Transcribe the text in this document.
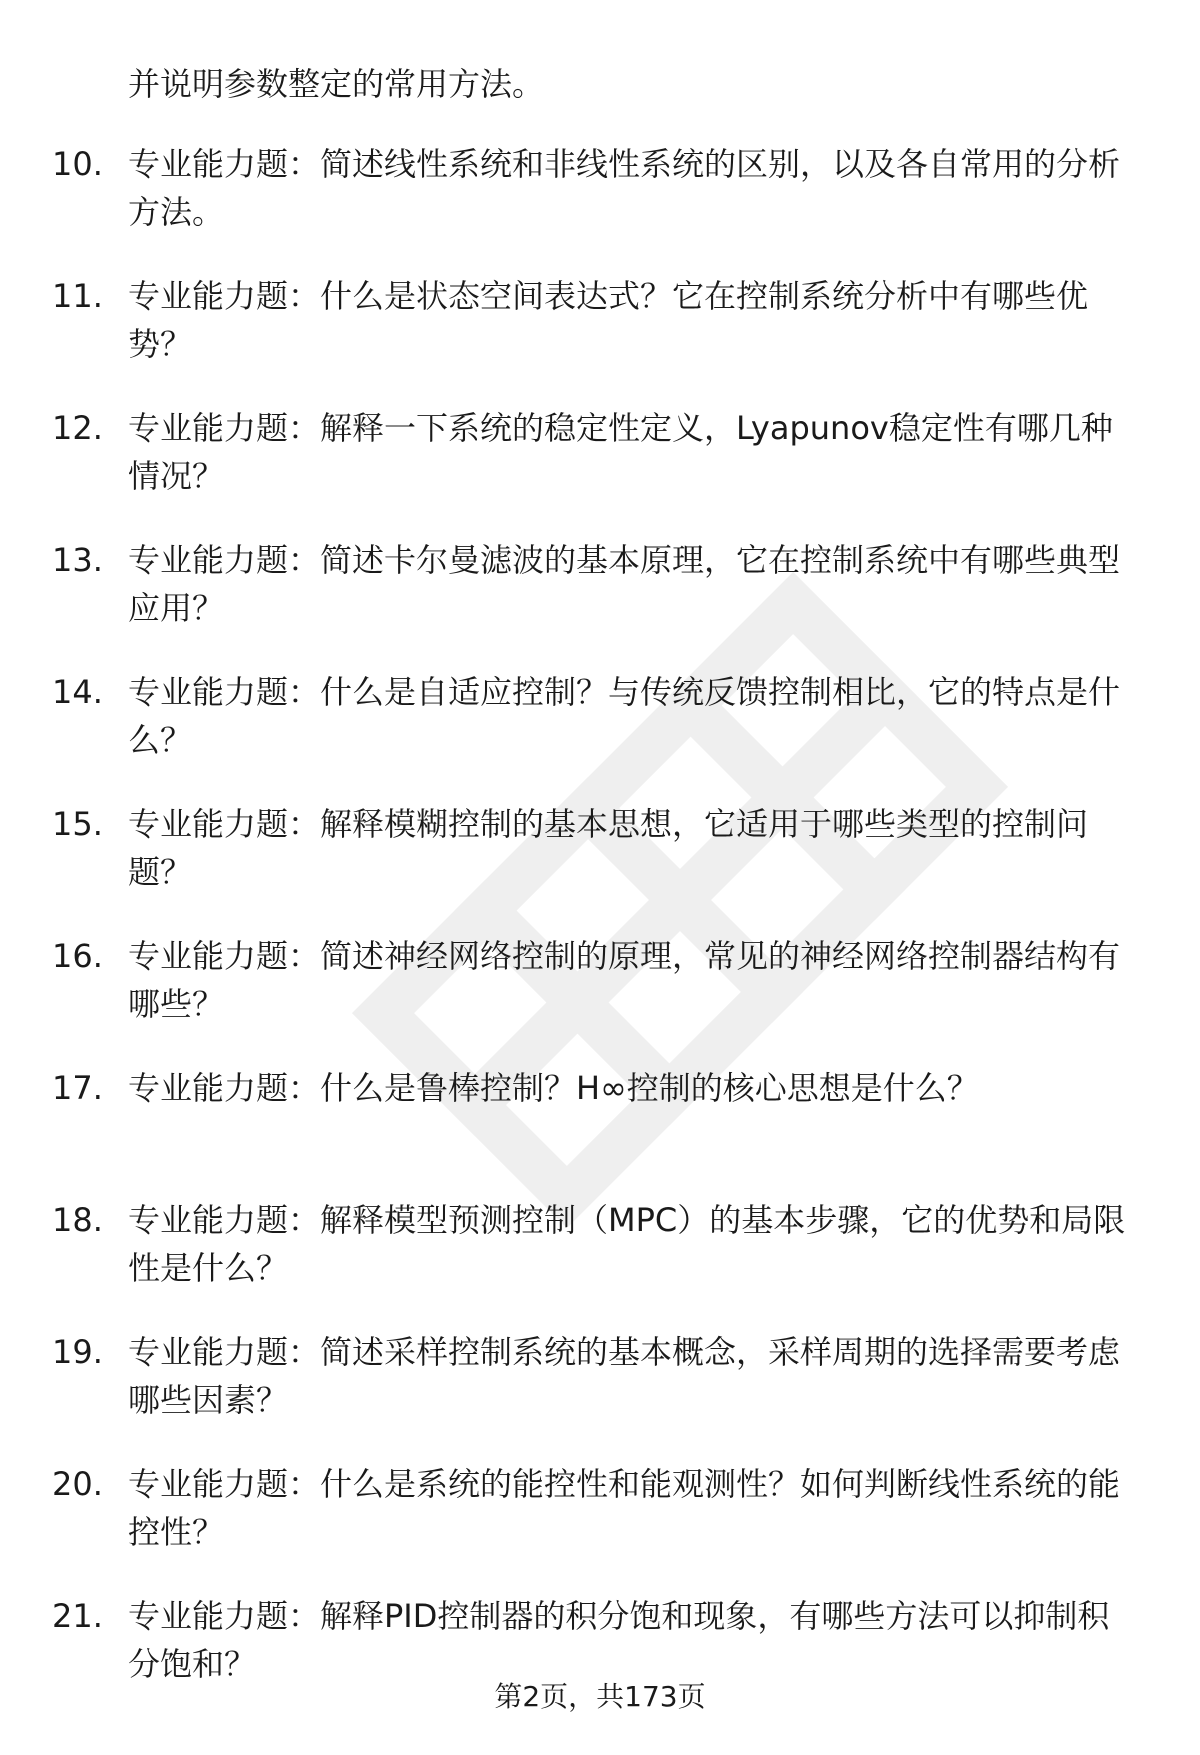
并说明参数整定的常用方法。
10. 专业能力题：简述线性系统和非线性系统的区别，以及各自常用的分析方法。
11. 专业能力题：什么是状态空间表达式？它在控制系统分析中有哪些优势？
12. 专业能力题：解释一下系统的稳定性定义，Lyapunov稳定性有哪几种情况？
13. 专业能力题：简述卡尔曼滤波的基本原理，它在控制系统中有哪些典型应用？
14. 专业能力题：什么是自适应控制？与传统反馈控制相比，它的特点是什么？
15. 专业能力题：解释模糊控制的基本思想，它适用于哪些类型的控制问题？
16. 专业能力题：简述神经网络控制的原理，常见的神经网络控制器结构有哪些？
17. 专业能力题：什么是鲁棒控制？H∞控制的核心思想是什么？
18. 专业能力题：解释模型预测控制（MPC）的基本步骤，它的优势和局限性是什么？
19. 专业能力题：简述采样控制系统的基本概念，采样周期的选择需要考虑哪些因素？
20. 专业能力题：什么是系统的能控性和能观测性？如何判断线性系统的能控性？
21. 专业能力题：解释PID控制器的积分饱和现象，有哪些方法可以抑制积分饱和？
第2页，共173页
